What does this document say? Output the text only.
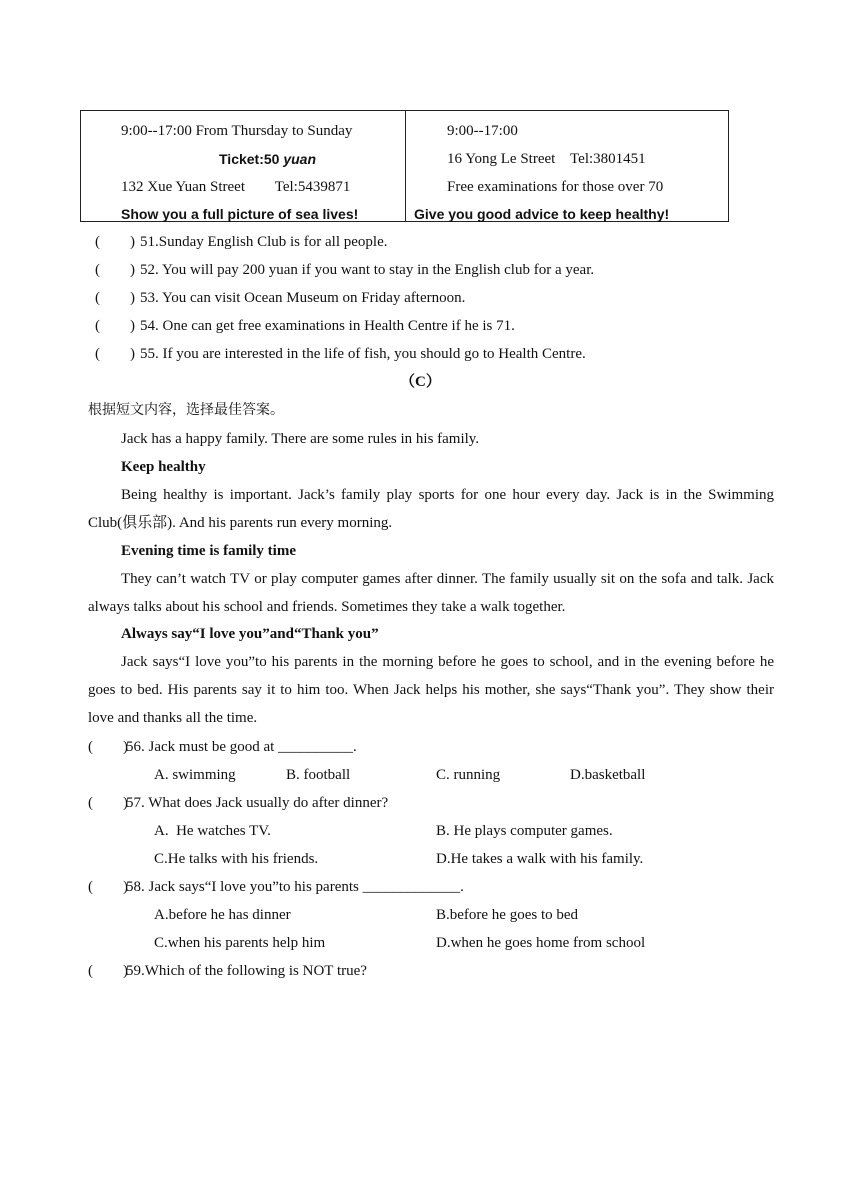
9:00--17:00 From Thursday to Sunday
Ticket:50 yuan
132 Xue Yuan Street        Tel:5439871
Show you a full picture of sea lives!
9:00--17:00
16 Yong Le Street    Tel:3801451
Free examinations for those over 70
Give you good advice to keep healthy!
(        ) 51.Sunday English Club is for all people.
(        ) 52. You will pay 200 yuan if you want to stay in the English club for a year.
(        ) 53. You can visit Ocean Museum on Friday afternoon.
(        ) 54. One can get free examinations in Health Centre if he is 71.
(        ) 55. If you are interested in the life of fish, you should go to Health Centre.
（C）
根据短文内容，选择最佳答案。
Jack has a happy family. There are some rules in his family.
Keep healthy
Being healthy is important. Jack’s family play sports for one hour every day. Jack is in the Swimming Club(俱乐部). And his parents run every morning.
Evening time is family time
They can’t watch TV or play computer games after dinner. The family usually sit on the sofa and talk. Jack always talks about his school and friends. Sometimes they take a walk together.
Always say“I love you”and“Thank you”
Jack says“I love you”to his parents in the morning before he goes to school, and in the evening before he goes to bed. His parents say it to him too. When Jack helps his mother, she says“Thank you”. They show their love and thanks all the time.
(        )56. Jack must be good at __________.
A. swimming	B. football	C. running	D.basketball
(        )57. What does Jack usually do after dinner?
A.  He watches TV.	B. He plays computer games.
C.He talks with his friends.	D.He takes a walk with his family.
(        )58. Jack says“I love you”to his parents _____________.
A.before he has dinner	B.before he goes to bed
C.when his parents help him	D.when he goes home from school
(        )59.Which of the following is NOT true?
